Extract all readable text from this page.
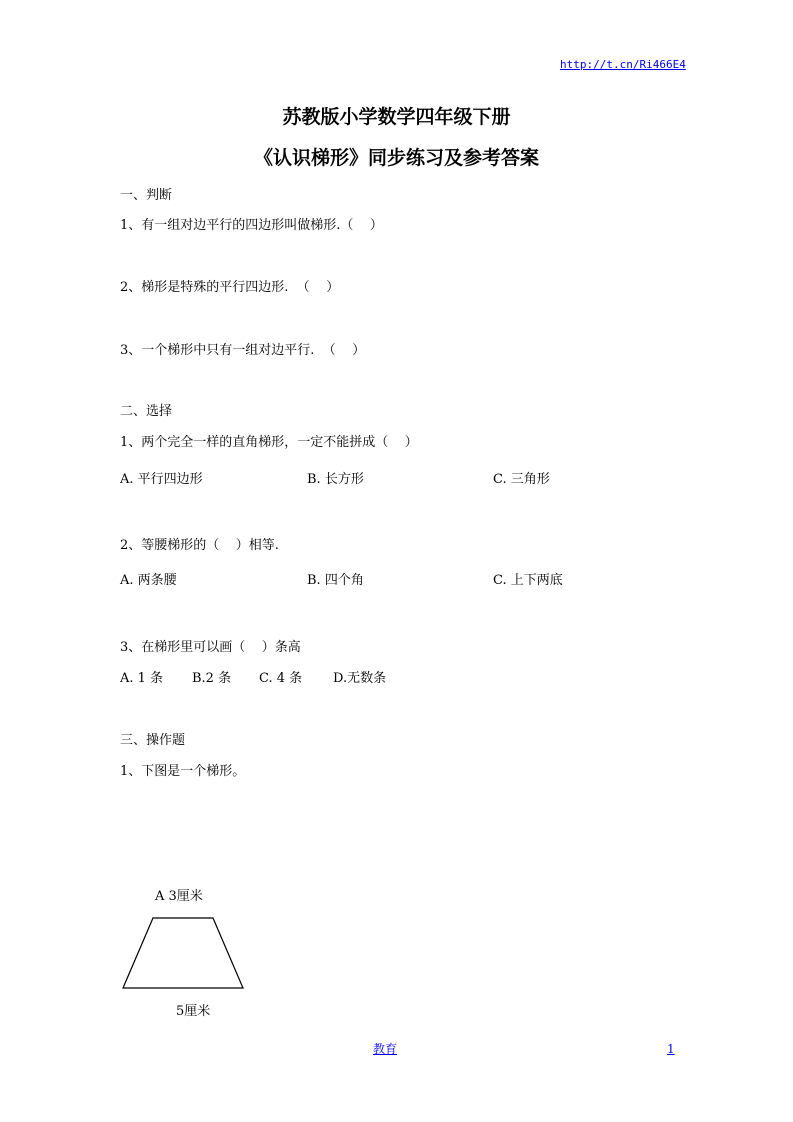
http://t.cn/Ri466E4
苏教版小学数学四年级下册
《认识梯形》同步练习及参考答案
一、判断
1、有一组对边平行的四边形叫做梯形.（    ）
2、梯形是特殊的平行四边形.  （    ）
3、一个梯形中只有一组对边平行.  （    ）
二、选择
1、两个完全一样的直角梯形，一定不能拼成（    ）
A. 平行四边形	B. 长方形	C. 三角形
2、等腰梯形的（    ）相等.
A. 两条腰	B. 四个角	C. 上下两底
3、在梯形里可以画（    ）条高
A. 1 条 B.2 条 C. 4 条 D.无数条
三、操作题
1、下图是一个梯形。
A 3厘米
5厘米
教育	1
